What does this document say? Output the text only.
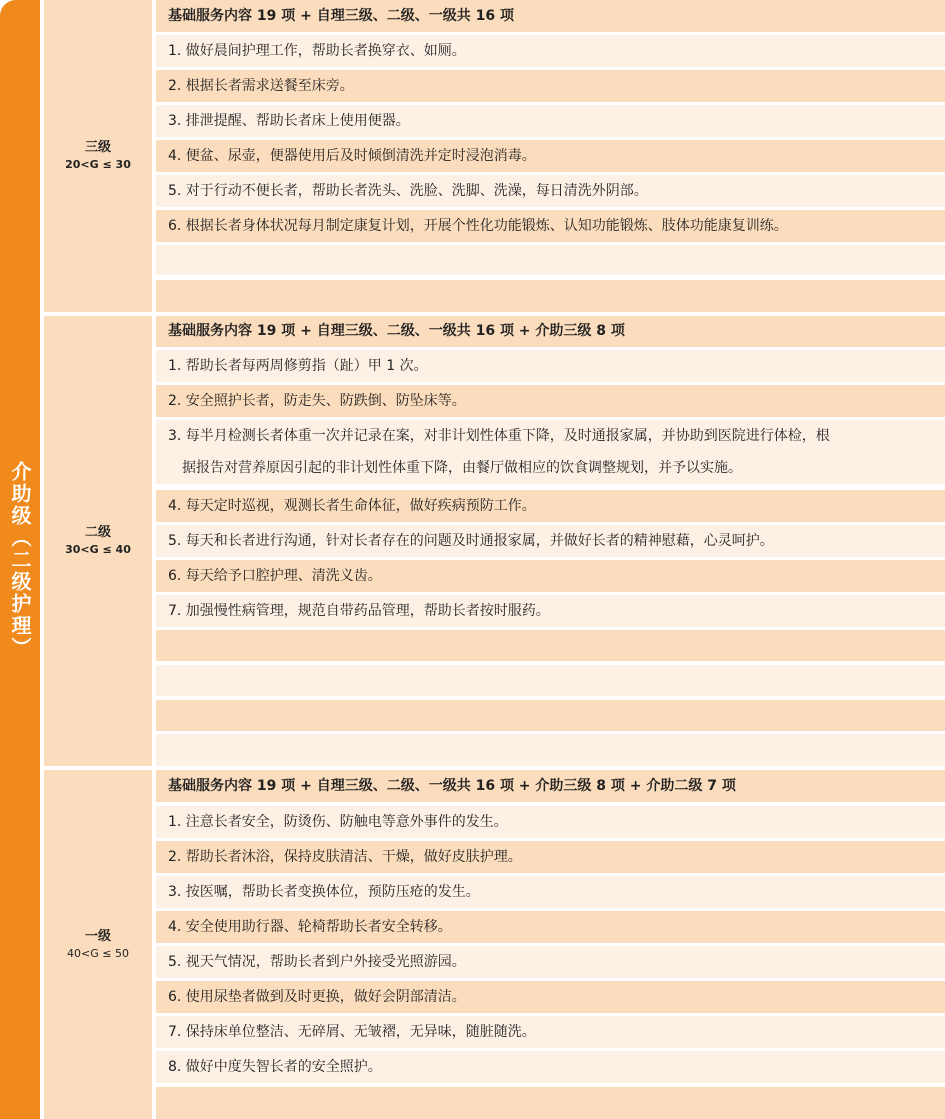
介助级（二级护理）
三级
20<G ≤ 30
基础服务内容 19 项 + 自理三级、二级、一级共 16 项
1. 做好晨间护理工作，帮助长者换穿衣、如厕。
2. 根据长者需求送餐至床旁。
3. 排泄提醒、帮助长者床上使用便器。
4. 便盆、尿壶，便器使用后及时倾倒清洗并定时浸泡消毒。
5. 对于行动不便长者，帮助长者洗头、洗脸、洗脚、洗澡，每日清洗外阴部。
6. 根据长者身体状况每月制定康复计划，开展个性化功能锻炼、认知功能锻炼、肢体功能康复训练。
二级
30<G ≤ 40
基础服务内容 19 项 + 自理三级、二级、一级共 16 项 + 介助三级 8 项
1. 帮助长者每两周修剪指（趾）甲 1 次。
2. 安全照护长者，防走失、防跌倒、防坠床等。
3. 每半月检测长者体重一次并记录在案，对非计划性体重下降，及时通报家属，并协助到医院进行体检，根
据报告对营养原因引起的非计划性体重下降，由餐厅做相应的饮食调整规划，并予以实施。
4. 每天定时巡视，观测长者生命体征，做好疾病预防工作。
5. 每天和长者进行沟通，针对长者存在的问题及时通报家属，并做好长者的精神慰藉，心灵呵护。
6. 每天给予口腔护理、清洗义齿。
7. 加强慢性病管理，规范自带药品管理，帮助长者按时服药。
一级
40<G ≤ 50
基础服务内容 19 项 + 自理三级、二级、一级共 16 项 + 介助三级 8 项 + 介助二级 7 项
1. 注意长者安全，防烫伤、防触电等意外事件的发生。
2. 帮助长者沐浴，保持皮肤清洁、干燥，做好皮肤护理。
3. 按医嘱，帮助长者变换体位，预防压疮的发生。
4. 安全使用助行器、轮椅帮助长者安全转移。
5. 视天气情况，帮助长者到户外接受光照游园。
6. 使用尿垫者做到及时更换，做好会阴部清洁。
7. 保持床单位整洁、无碎屑、无皱褶，无异味，随脏随洗。
8. 做好中度失智长者的安全照护。
